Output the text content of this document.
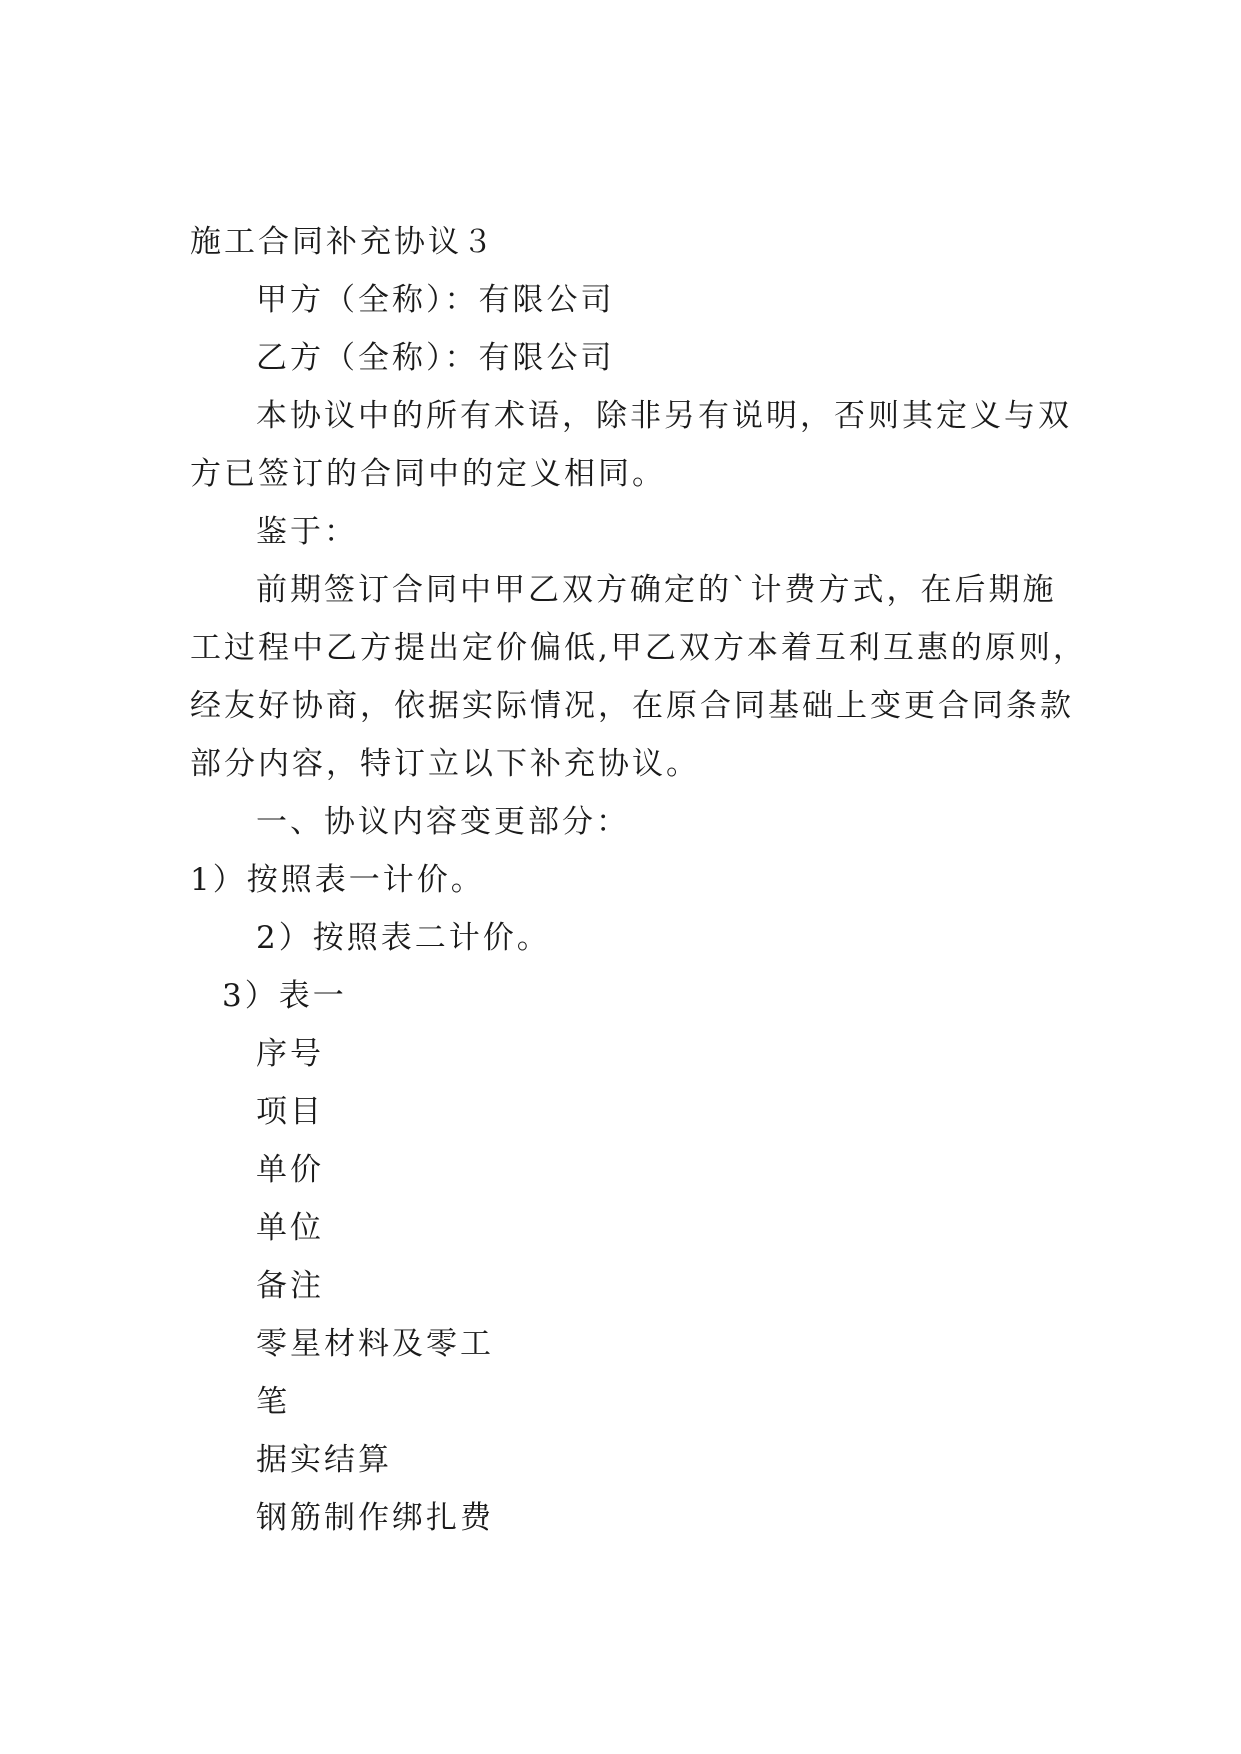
施工合同补充协议３
甲方（全称）：有限公司
乙方（全称）：有限公司
本协议中的所有术语，除非另有说明，否则其定义与双
方已签订的合同中的定义相同。
鉴于：
前期签订合同中甲乙双方确定的`计费方式，在后期施
工过程中乙方提出定价偏低,甲乙双方本着互利互惠的原则，
经友好协商，依据实际情况，在原合同基础上变更合同条款
部分内容，特订立以下补充协议。
一、协议内容变更部分：
1）按照表一计价。
2）按照表二计价。
3）表一
序号
项目
单价
单位
备注
零星材料及零工
笔
据实结算
钢筋制作绑扎费
